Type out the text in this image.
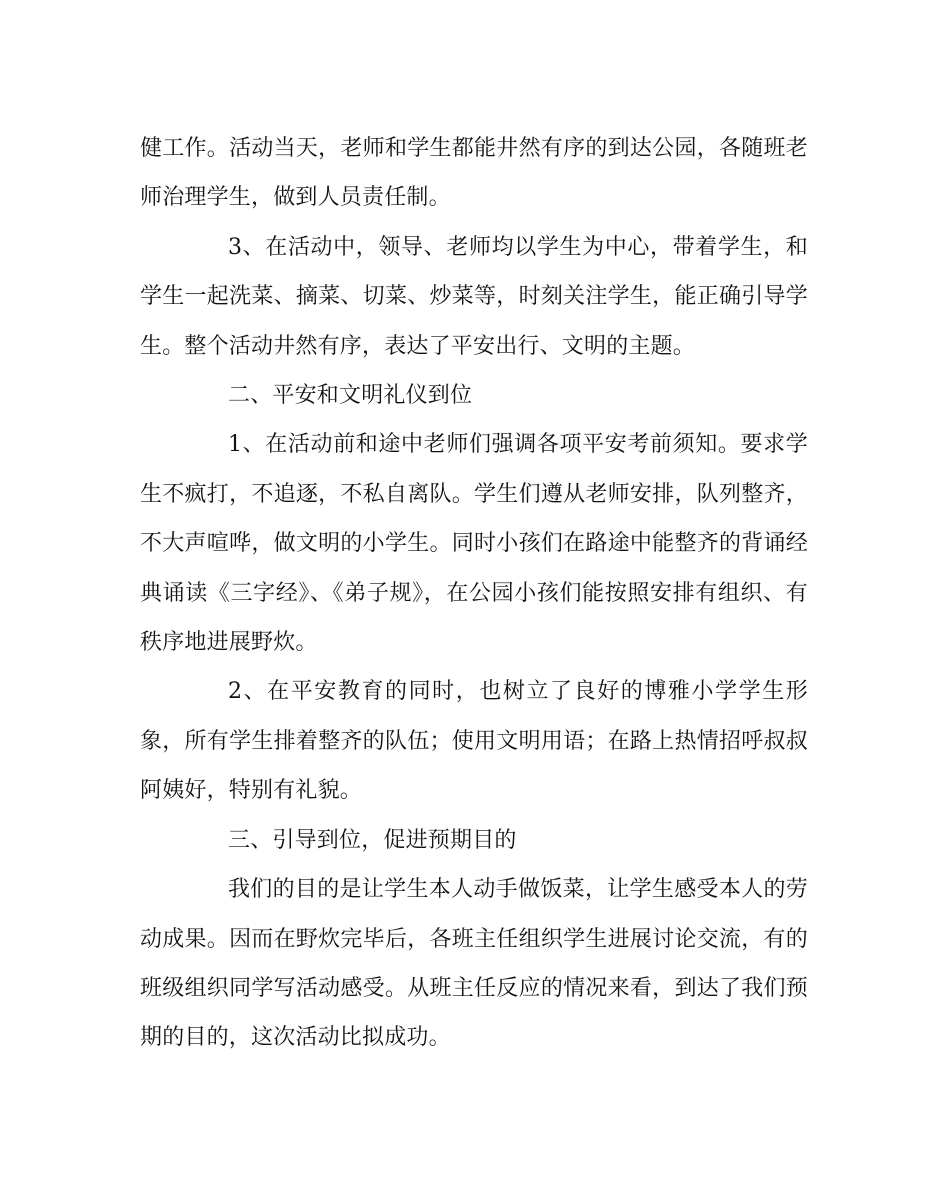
健工作。活动当天，老师和学生都能井然有序的到达公园，各随班老师治理学生，做到人员责任制。

3、在活动中，领导、老师均以学生为中心，带着学生，和学生一起洗菜、摘菜、切菜、炒菜等，时刻关注学生，能正确引导学生。整个活动井然有序，表达了平安出行、文明的主题。

二、平安和文明礼仪到位

1、在活动前和途中老师们强调各项平安考前须知。要求学生不疯打，不追逐，不私自离队。学生们遵从老师安排，队列整齐，不大声喧哗，做文明的小学生。同时小孩们在路途中能整齐的背诵经典诵读《三字经》、《弟子规》，在公园小孩们能按照安排有组织、有秩序地进展野炊。

2、在平安教育的同时，也树立了良好的博雅小学学生形象，所有学生排着整齐的队伍；使用文明用语；在路上热情招呼叔叔阿姨好，特别有礼貌。

三、引导到位，促进预期目的

我们的目的是让学生本人动手做饭菜，让学生感受本人的劳动成果。因而在野炊完毕后，各班主任组织学生进展讨论交流，有的班级组织同学写活动感受。从班主任反应的情况来看，到达了我们预期的目的，这次活动比拟成功。
